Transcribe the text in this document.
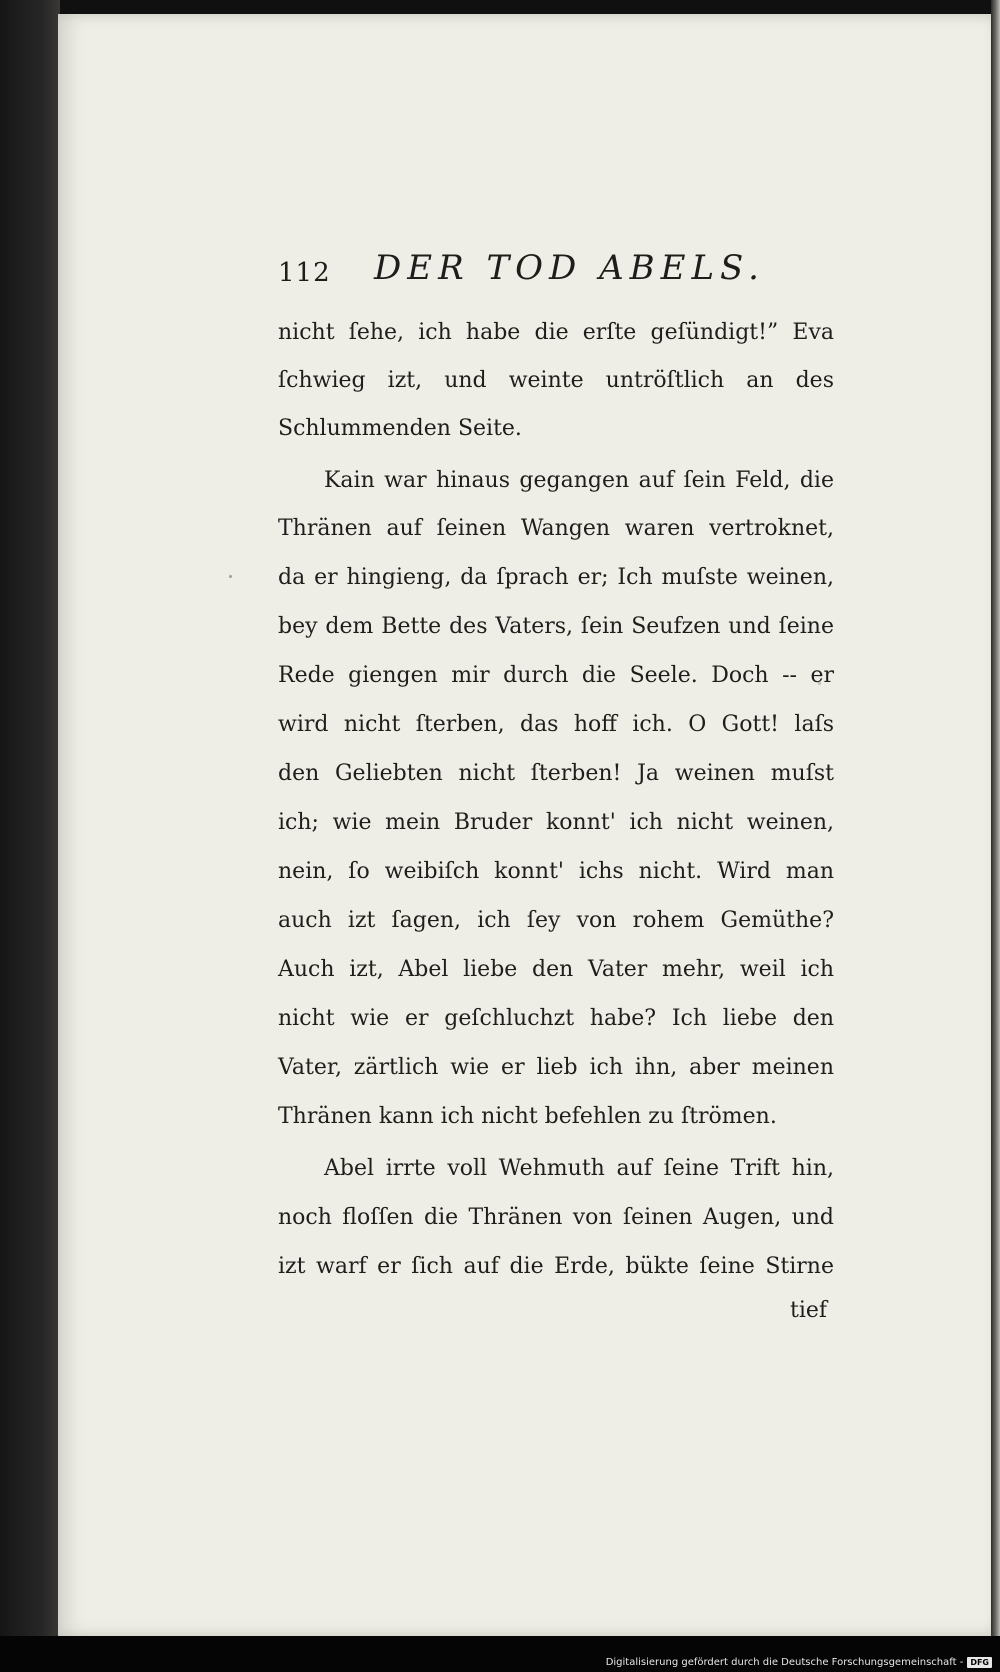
112 DER TOD ABELS.
nicht ſehe, ich habe die erſte geſündigt!” Eva
ſchwieg izt, und weinte untröſtlich an des
Schlummenden Seite.
Kain war hinaus gegangen auf ſein Feld, die
Thränen auf ſeinen Wangen waren vertroknet,
da er hingieng, da ſprach er; Ich muſste weinen,
bey dem Bette des Vaters, ſein Seufzen und ſeine
Rede giengen mir durch die Seele. Doch -- er
wird nicht ſterben, das hoff ich. O Gott! laſs
den Geliebten nicht ſterben! Ja weinen muſst
ich; wie mein Bruder konnt' ich nicht weinen,
nein, ſo weibiſch konnt' ichs nicht. Wird man
auch izt ſagen, ich ſey von rohem Gemüthe?
Auch izt, Abel liebe den Vater mehr, weil ich
nicht wie er geſchluchzt habe? Ich liebe den
Vater, zärtlich wie er lieb ich ihn, aber meinen
Thränen kann ich nicht befehlen zu ſtrömen.
Abel irrte voll Wehmuth auf ſeine Trift hin,
noch floſſen die Thränen von ſeinen Augen, und
izt warf er ſich auf die Erde, bükte ſeine Stirne
tief
Digitalisierung gefördert durch die Deutsche Forschungsgemeinschaft - DFG
